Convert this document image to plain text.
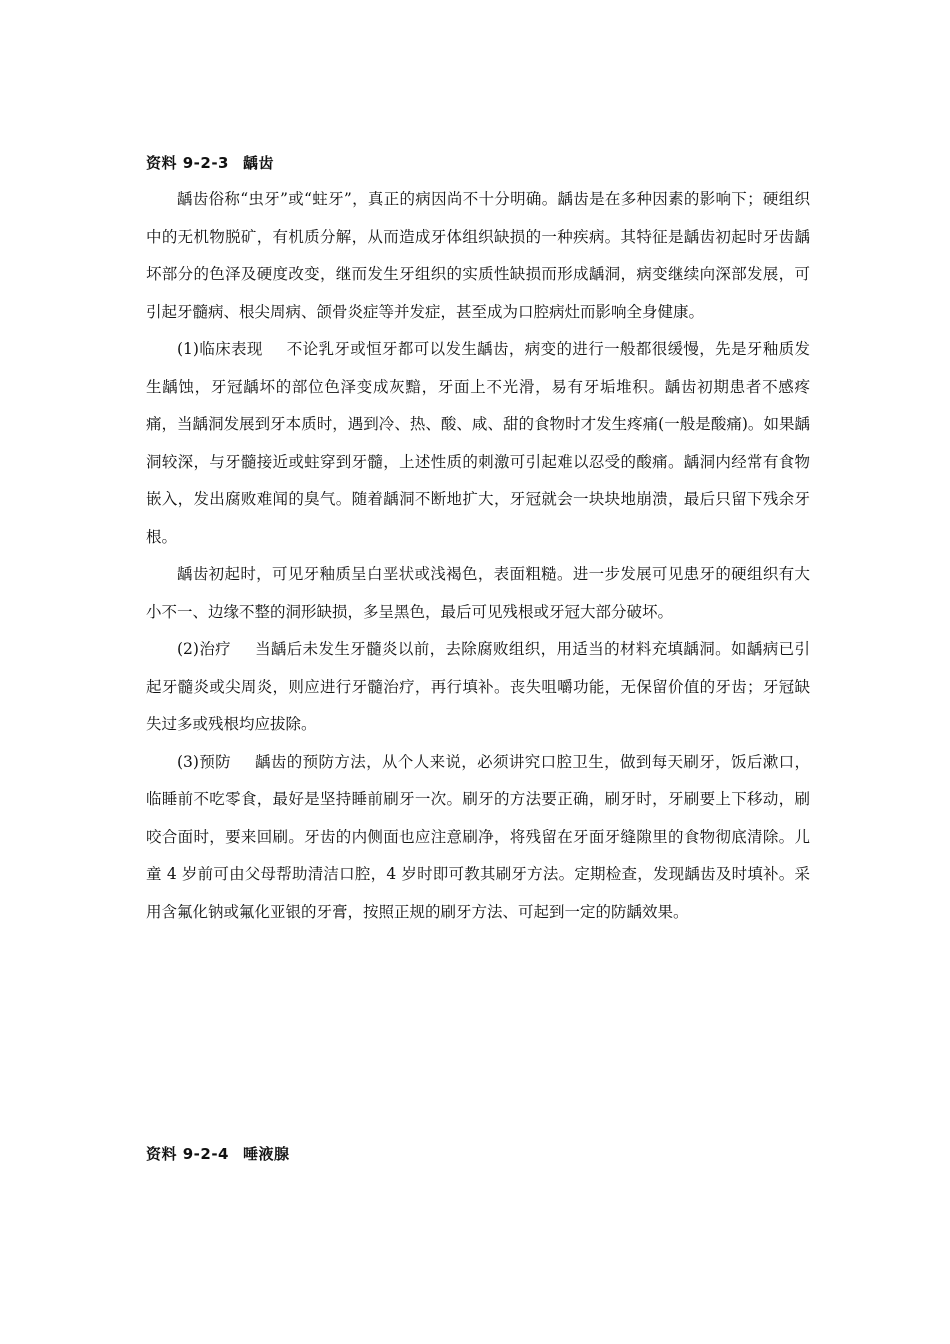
资料 9-2-3 龋齿

龋齿俗称“虫牙”或“蛀牙”，真正的病因尚不十分明确。龋齿是在多种因素的影响下；硬组织中的无机物脱矿，有机质分解，从而造成牙体组织缺损的一种疾病。其特征是龋齿初起时牙齿龋坏部分的色泽及硬度改变，继而发生牙组织的实质性缺损而形成龋洞，病变继续向深部发展，可引起牙髓病、根尖周病、颌骨炎症等并发症，甚至成为口腔病灶而影响全身健康。

(1)临床表现 不论乳牙或恒牙都可以发生龋齿，病变的进行一般都很缓慢，先是牙釉质发生龋蚀，牙冠龋坏的部位色泽变成灰黯，牙面上不光滑，易有牙垢堆积。龋齿初期患者不感疼痛，当龋洞发展到牙本质时，遇到冷、热、酸、咸、甜的食物时才发生疼痛(一般是酸痛)。如果龋洞较深，与牙髓接近或蛀穿到牙髓，上述性质的刺激可引起难以忍受的酸痛。龋洞内经常有食物嵌入，发出腐败难闻的臭气。随着龋洞不断地扩大，牙冠就会一块块地崩溃，最后只留下残余牙根。

龋齿初起时，可见牙釉质呈白垩状或浅褐色，表面粗糙。进一步发展可见患牙的硬组织有大小不一、边缘不整的洞形缺损，多呈黑色，最后可见残根或牙冠大部分破坏。

(2)治疗 当龋后未发生牙髓炎以前，去除腐败组织，用适当的材料充填龋洞。如龋病已引起牙髓炎或尖周炎，则应进行牙髓治疗，再行填补。丧失咀嚼功能，无保留价值的牙齿；牙冠缺失过多或残根均应拔除。

(3)预防 龋齿的预防方法，从个人来说，必须讲究口腔卫生，做到每天刷牙，饭后漱口，临睡前不吃零食，最好是坚持睡前刷牙一次。刷牙的方法要正确，刷牙时，牙刷要上下移动，刷咬合面时，要来回刷。牙齿的内侧面也应注意刷净，将残留在牙面牙缝隙里的食物彻底清除。儿童 4 岁前可由父母帮助清洁口腔，4 岁时即可教其刷牙方法。定期检查，发现龋齿及时填补。采用含氟化钠或氟化亚银的牙膏，按照正规的刷牙方法、可起到一定的防龋效果。

资料 9-2-4 唾液腺
